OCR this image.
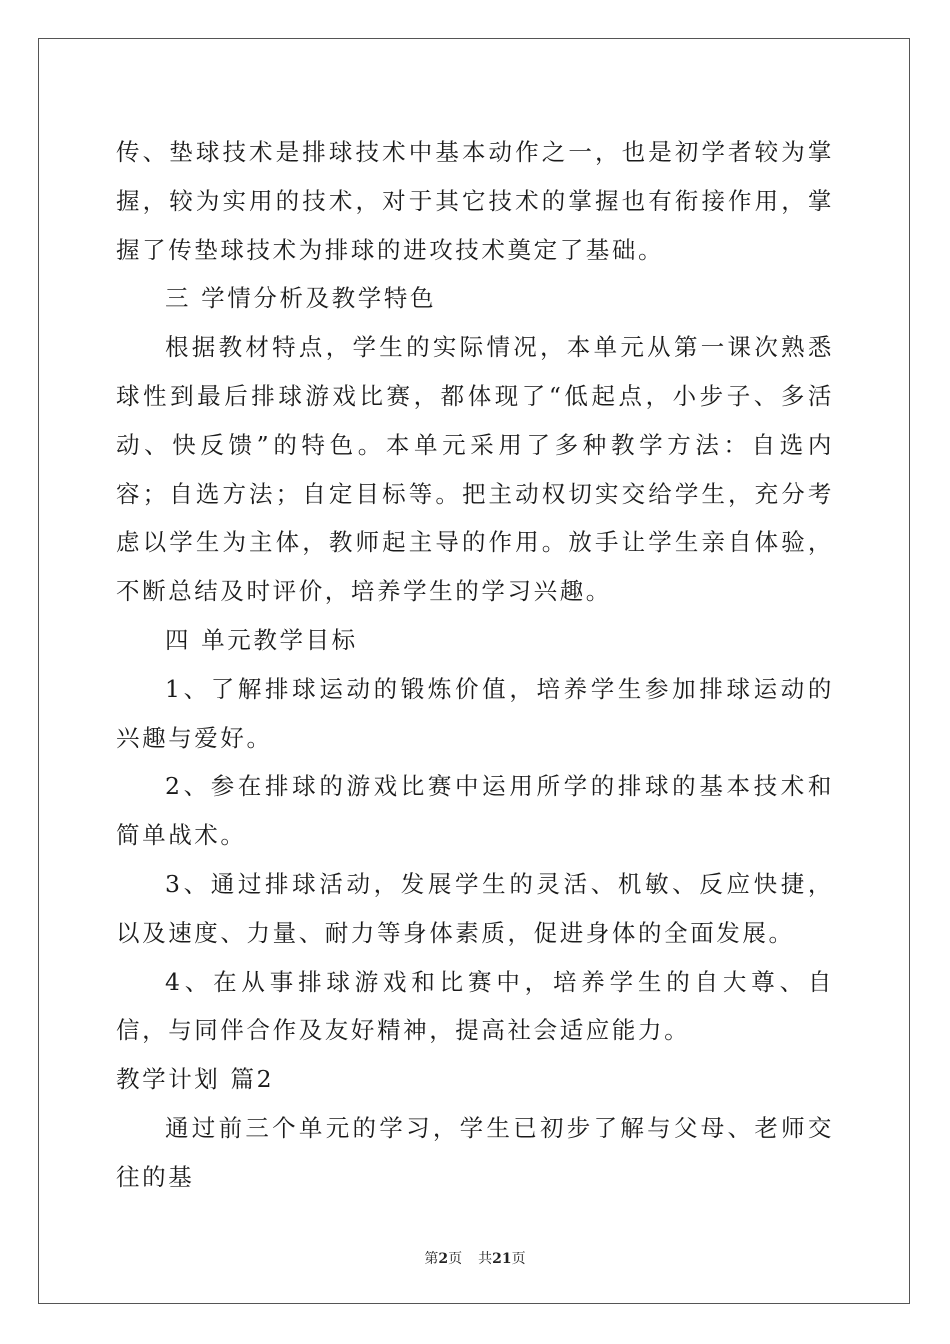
传、垫球技术是排球技术中基本动作之一，也是初学者较为掌握，较为实用的技术，对于其它技术的掌握也有衔接作用，掌握了传垫球技术为排球的进攻技术奠定了基础。

三 学情分析及教学特色

根据教材特点，学生的实际情况，本单元从第一课次熟悉球性到最后排球游戏比赛，都体现了“低起点，小步子、多活动、快反馈”的特色。本单元采用了多种教学方法：自选内容；自选方法；自定目标等。把主动权切实交给学生，充分考虑以学生为主体，教师起主导的作用。放手让学生亲自体验，不断总结及时评价，培养学生的学习兴趣。

四 单元教学目标

1、了解排球运动的锻炼价值，培养学生参加排球运动的兴趣与爱好。

2、参在排球的游戏比赛中运用所学的排球的基本技术和简单战术。

3、通过排球活动，发展学生的灵活、机敏、反应快捷，以及速度、力量、耐力等身体素质，促进身体的全面发展。

4、在从事排球游戏和比赛中，培养学生的自大尊、自信，与同伴合作及友好精神，提高社会适应能力。

教学计划 篇2

通过前三个单元的学习，学生已初步了解与父母、老师交往的基

第2页 共21页
